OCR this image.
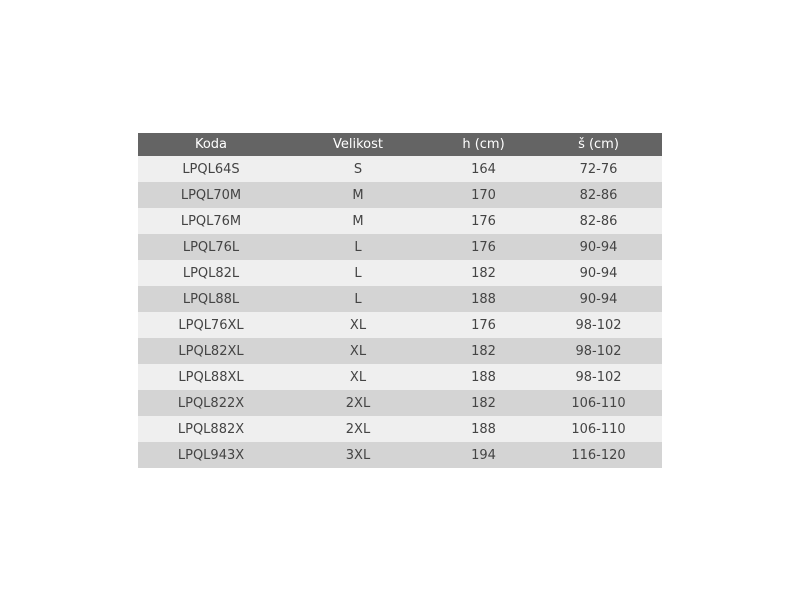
Koda	Velikost	h (cm)	š (cm)
LPQL64S	S	164	72-76
LPQL70M	M	170	82-86
LPQL76M	M	176	82-86
LPQL76L	L	176	90-94
LPQL82L	L	182	90-94
LPQL88L	L	188	90-94
LPQL76XL	XL	176	98-102
LPQL82XL	XL	182	98-102
LPQL88XL	XL	188	98-102
LPQL822X	2XL	182	106-110
LPQL882X	2XL	188	106-110
LPQL943X	3XL	194	116-120
